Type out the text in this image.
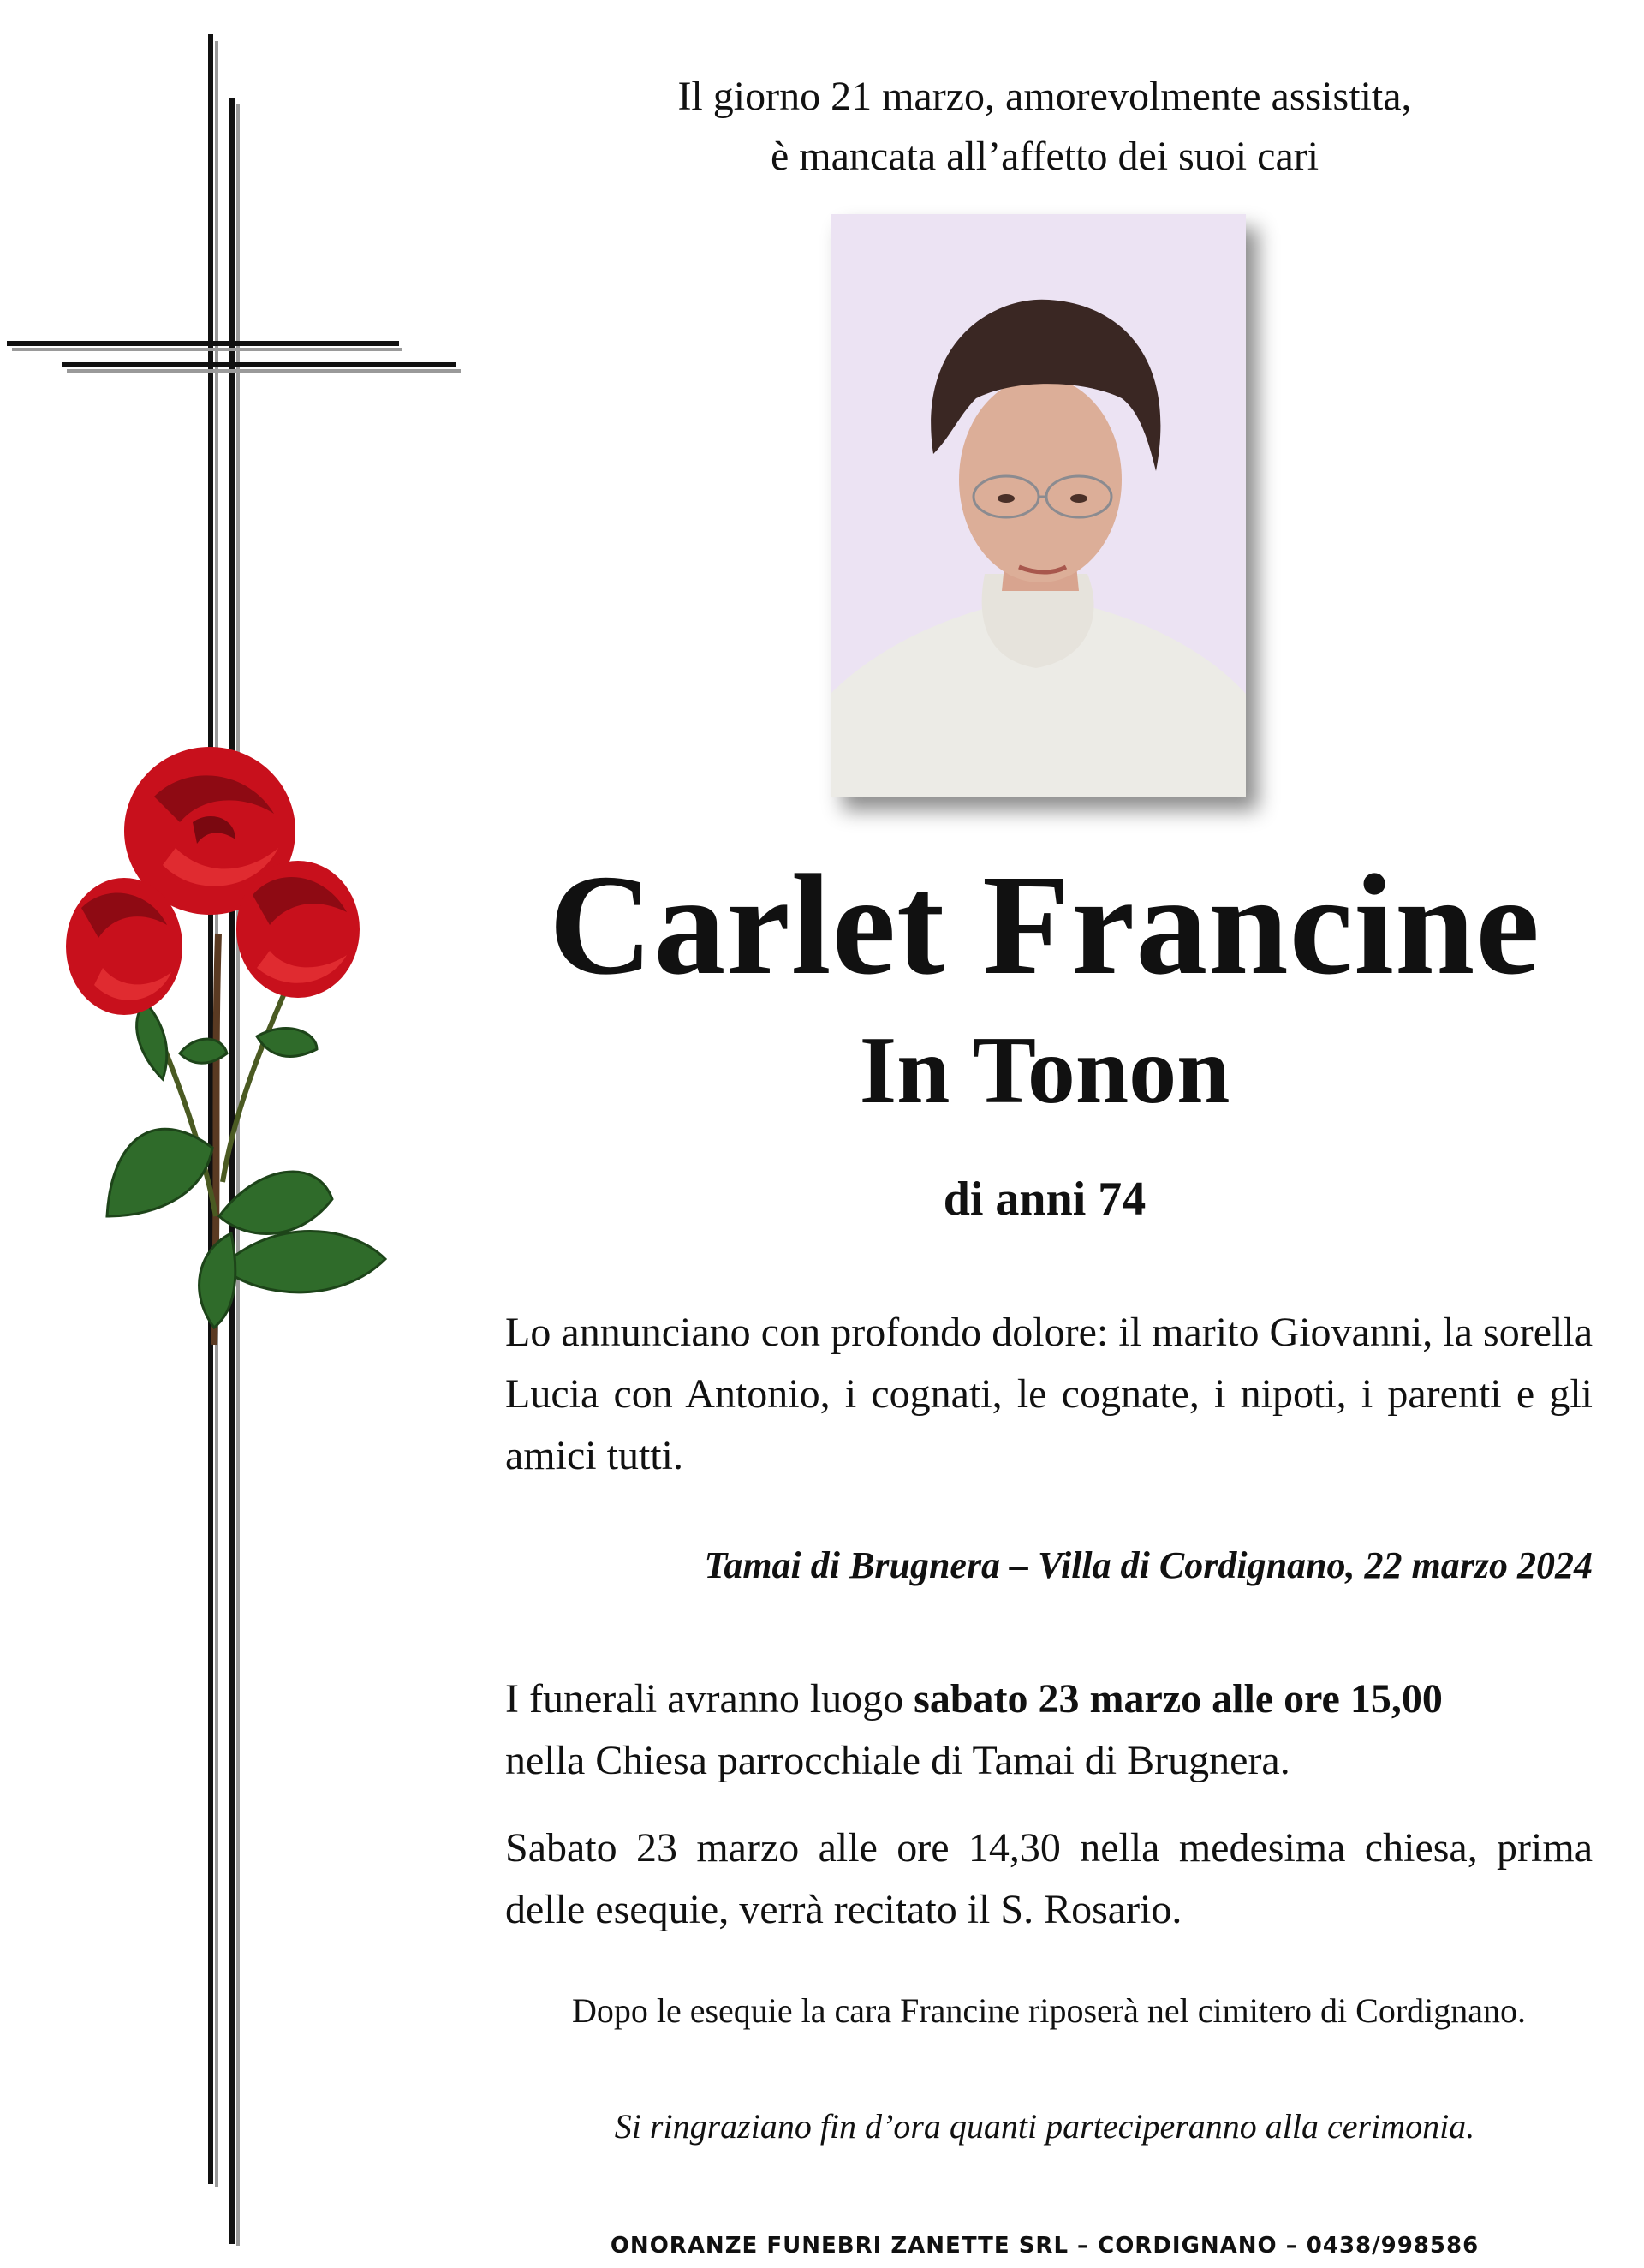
Il giorno 21 marzo, amorevolmente assistita,
è mancata all’affetto dei suoi cari
Carlet Francine
In Tonon
di anni 74
Lo annunciano con profondo dolore: il marito Giovanni, la sorella Lucia con Antonio, i cognati, le cognate, i nipoti, i parenti e gli amici tutti.
Tamai di Brugnera – Villa di Cordignano, 22 marzo 2024
I funerali avranno luogo sabato 23 marzo alle ore 15,00
nella Chiesa parrocchiale di Tamai di Brugnera.
Sabato 23 marzo alle ore 14,30 nella medesima chiesa, prima delle esequie, verrà recitato il S. Rosario.
Dopo le esequie la cara Francine riposerà nel cimitero di Cordignano.
Si ringraziano fin d’ora quanti parteciperanno alla cerimonia.
ONORANZE FUNEBRI ZANETTE SRL – CORDIGNANO – 0438/998586
